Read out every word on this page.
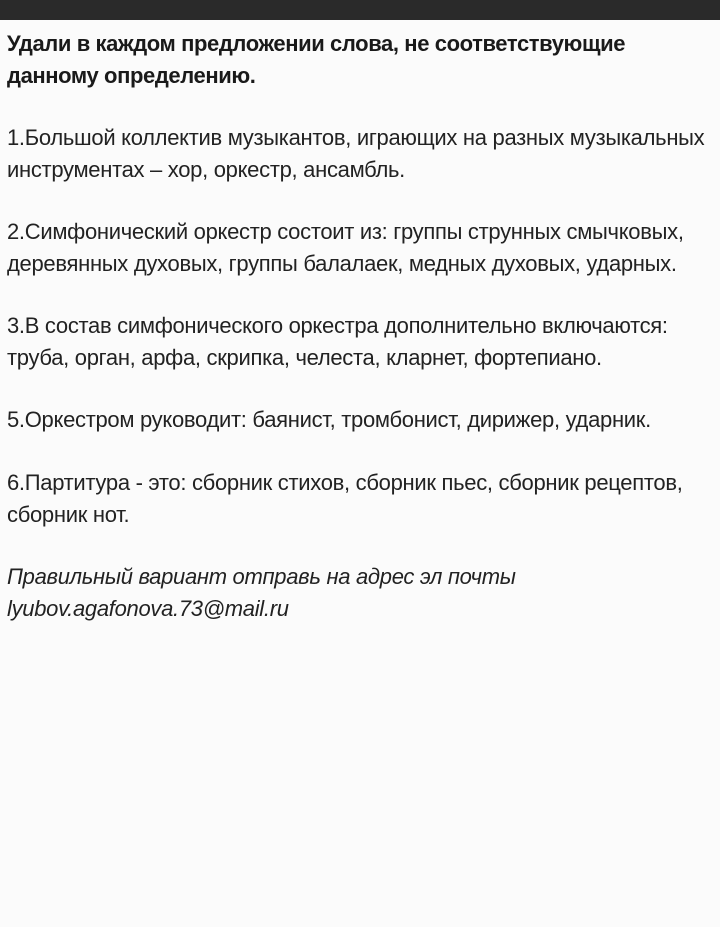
Удали в каждом предложении слова, не соответствующие данному определению.

1.Большой коллектив музыкантов, играющих на разных музыкальных инструментах – хор, оркестр, ансамбль.
2.Симфонический оркестр состоит из: группы струнных смычковых, деревянных духовых, группы балалаек, медных духовых, ударных.
3.В состав симфонического оркестра дополнительно включаются: труба, орган, арфа, скрипка, челеста, кларнет, фортепиано.
5.Оркестром руководит: баянист, тромбонист, дирижер, ударник.
6.Партитура - это: сборник стихов, сборник пьес, сборник рецептов, сборник нот.

Правильный вариант отправь на адрес эл почты
lyubov.agafonova.73@mail.ru
